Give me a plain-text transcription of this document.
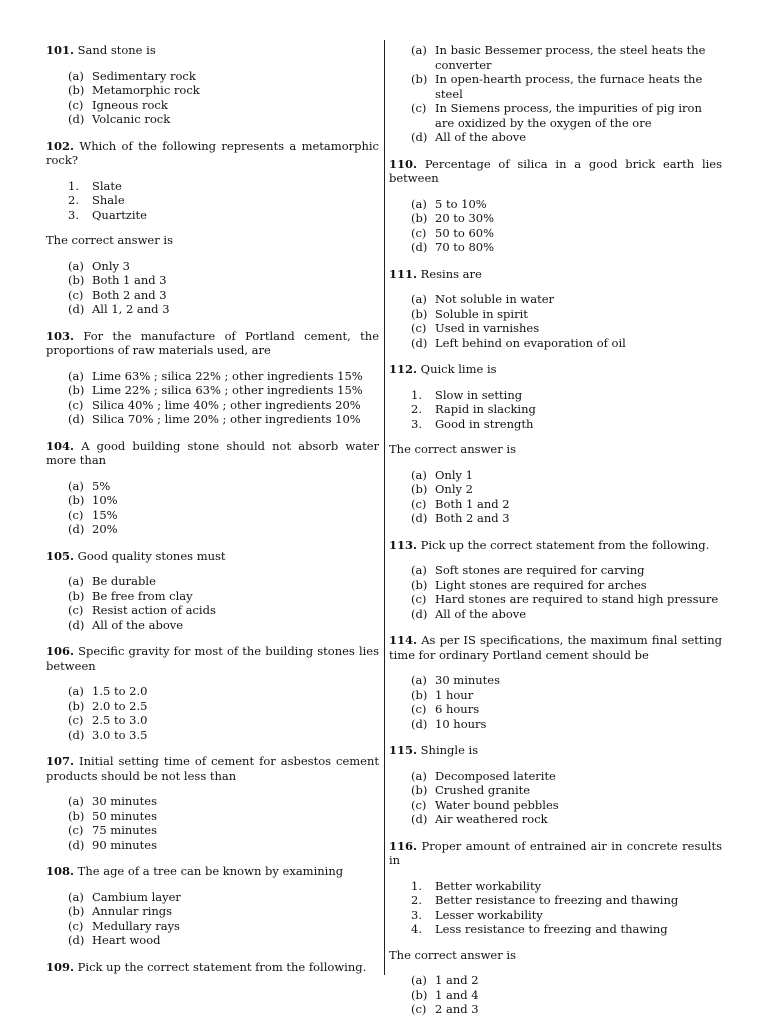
101. Sand stone is
(a) Sedimentary rock
(b) Metamorphic rock
(c) Igneous rock
(d) Volcanic rock
102. Which of the following represents a metamorphic rock?
1. Slate
2. Shale
3. Quartzite
The correct answer is
(a) Only 3
(b) Both 1 and 3
(c) Both 2 and 3
(d) All 1, 2 and 3
103. For the manufacture of Portland cement, the proportions of raw materials used, are
(a) Lime 63% ; silica 22% ; other ingredients 15%
(b) Lime 22% ; silica 63% ; other ingredients 15%
(c) Silica 40% ; lime 40% ; other ingredients 20%
(d) Silica 70% ; lime 20% ; other ingredients 10%
104. A good building stone should not absorb water more than
(a) 5%
(b) 10%
(c) 15%
(d) 20%
105. Good quality stones must
(a) Be durable
(b) Be free from clay
(c) Resist action of acids
(d) All of the above
106. Specific gravity for most of the building stones lies between
(a) 1.5 to 2.0
(b) 2.0 to 2.5
(c) 2.5 to 3.0
(d) 3.0 to 3.5
107. Initial setting time of cement for asbestos cement products should be not less than
(a) 30 minutes
(b) 50 minutes
(c) 75 minutes
(d) 90 minutes
108. The age of a tree can be known by examining
(a) Cambium layer
(b) Annular rings
(c) Medullary rays
(d) Heart wood
109. Pick up the correct statement from the following.
(a) In basic Bessemer process, the steel heats the converter
(b) In open-hearth process, the furnace heats the steel
(c) In Siemens process, the impurities of pig iron are oxidized by the oxygen of the ore
(d) All of the above
110. Percentage of silica in a good brick earth lies between
(a) 5 to 10%
(b) 20 to 30%
(c) 50 to 60%
(d) 70 to 80%
111. Resins are
(a) Not soluble in water
(b) Soluble in spirit
(c) Used in varnishes
(d) Left behind on evaporation of oil
112. Quick lime is
1. Slow in setting
2. Rapid in slacking
3. Good in strength
The correct answer is
(a) Only 1
(b) Only 2
(c) Both 1 and 2
(d) Both 2 and 3
113. Pick up the correct statement from the following.
(a) Soft stones are required for carving
(b) Light stones are required for arches
(c) Hard stones are required to stand high pressure
(d) All of the above
114. As per IS specifications, the maximum final setting time for ordinary Portland cement should be
(a) 30 minutes
(b) 1 hour
(c) 6 hours
(d) 10 hours
115. Shingle is
(a) Decomposed laterite
(b) Crushed granite
(c) Water bound pebbles
(d) Air weathered rock
116. Proper amount of entrained air in concrete results in
1. Better workability
2. Better resistance to freezing and thawing
3. Lesser workability
4. Less resistance to freezing and thawing
The correct answer is
(a) 1 and 2
(b) 1 and 4
(c) 2 and 3
